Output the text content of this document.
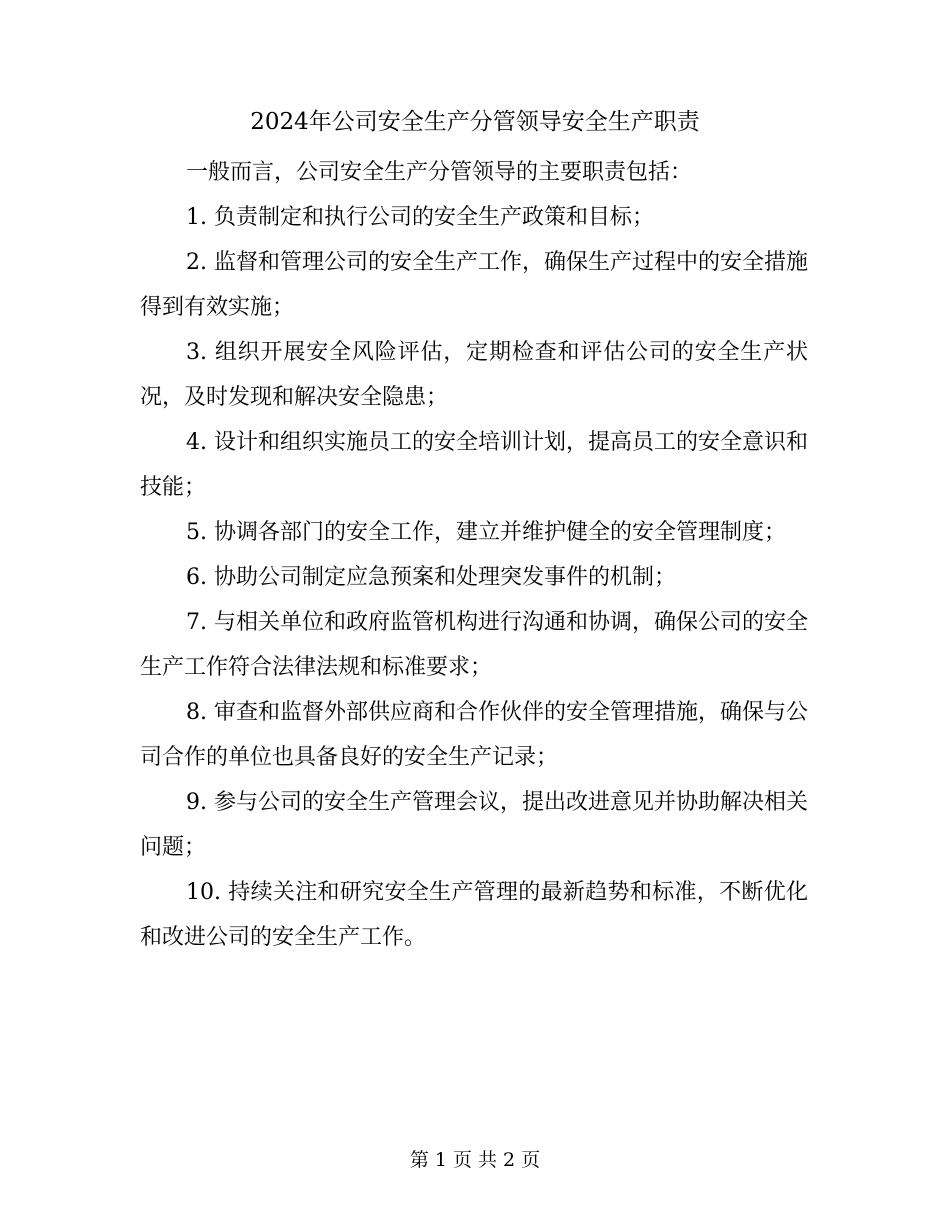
2024年公司安全生产分管领导安全生产职责

一般而言，公司安全生产分管领导的主要职责包括：

1. 负责制定和执行公司的安全生产政策和目标；

2. 监督和管理公司的安全生产工作，确保生产过程中的安全措施得到有效实施；

3. 组织开展安全风险评估，定期检查和评估公司的安全生产状况，及时发现和解决安全隐患；

4. 设计和组织实施员工的安全培训计划，提高员工的安全意识和技能；

5. 协调各部门的安全工作，建立并维护健全的安全管理制度；

6. 协助公司制定应急预案和处理突发事件的机制；

7. 与相关单位和政府监管机构进行沟通和协调，确保公司的安全生产工作符合法律法规和标准要求；

8. 审查和监督外部供应商和合作伙伴的安全管理措施，确保与公司合作的单位也具备良好的安全生产记录；

9. 参与公司的安全生产管理会议，提出改进意见并协助解决相关问题；

10. 持续关注和研究安全生产管理的最新趋势和标准，不断优化和改进公司的安全生产工作。

第 1 页 共 2 页
